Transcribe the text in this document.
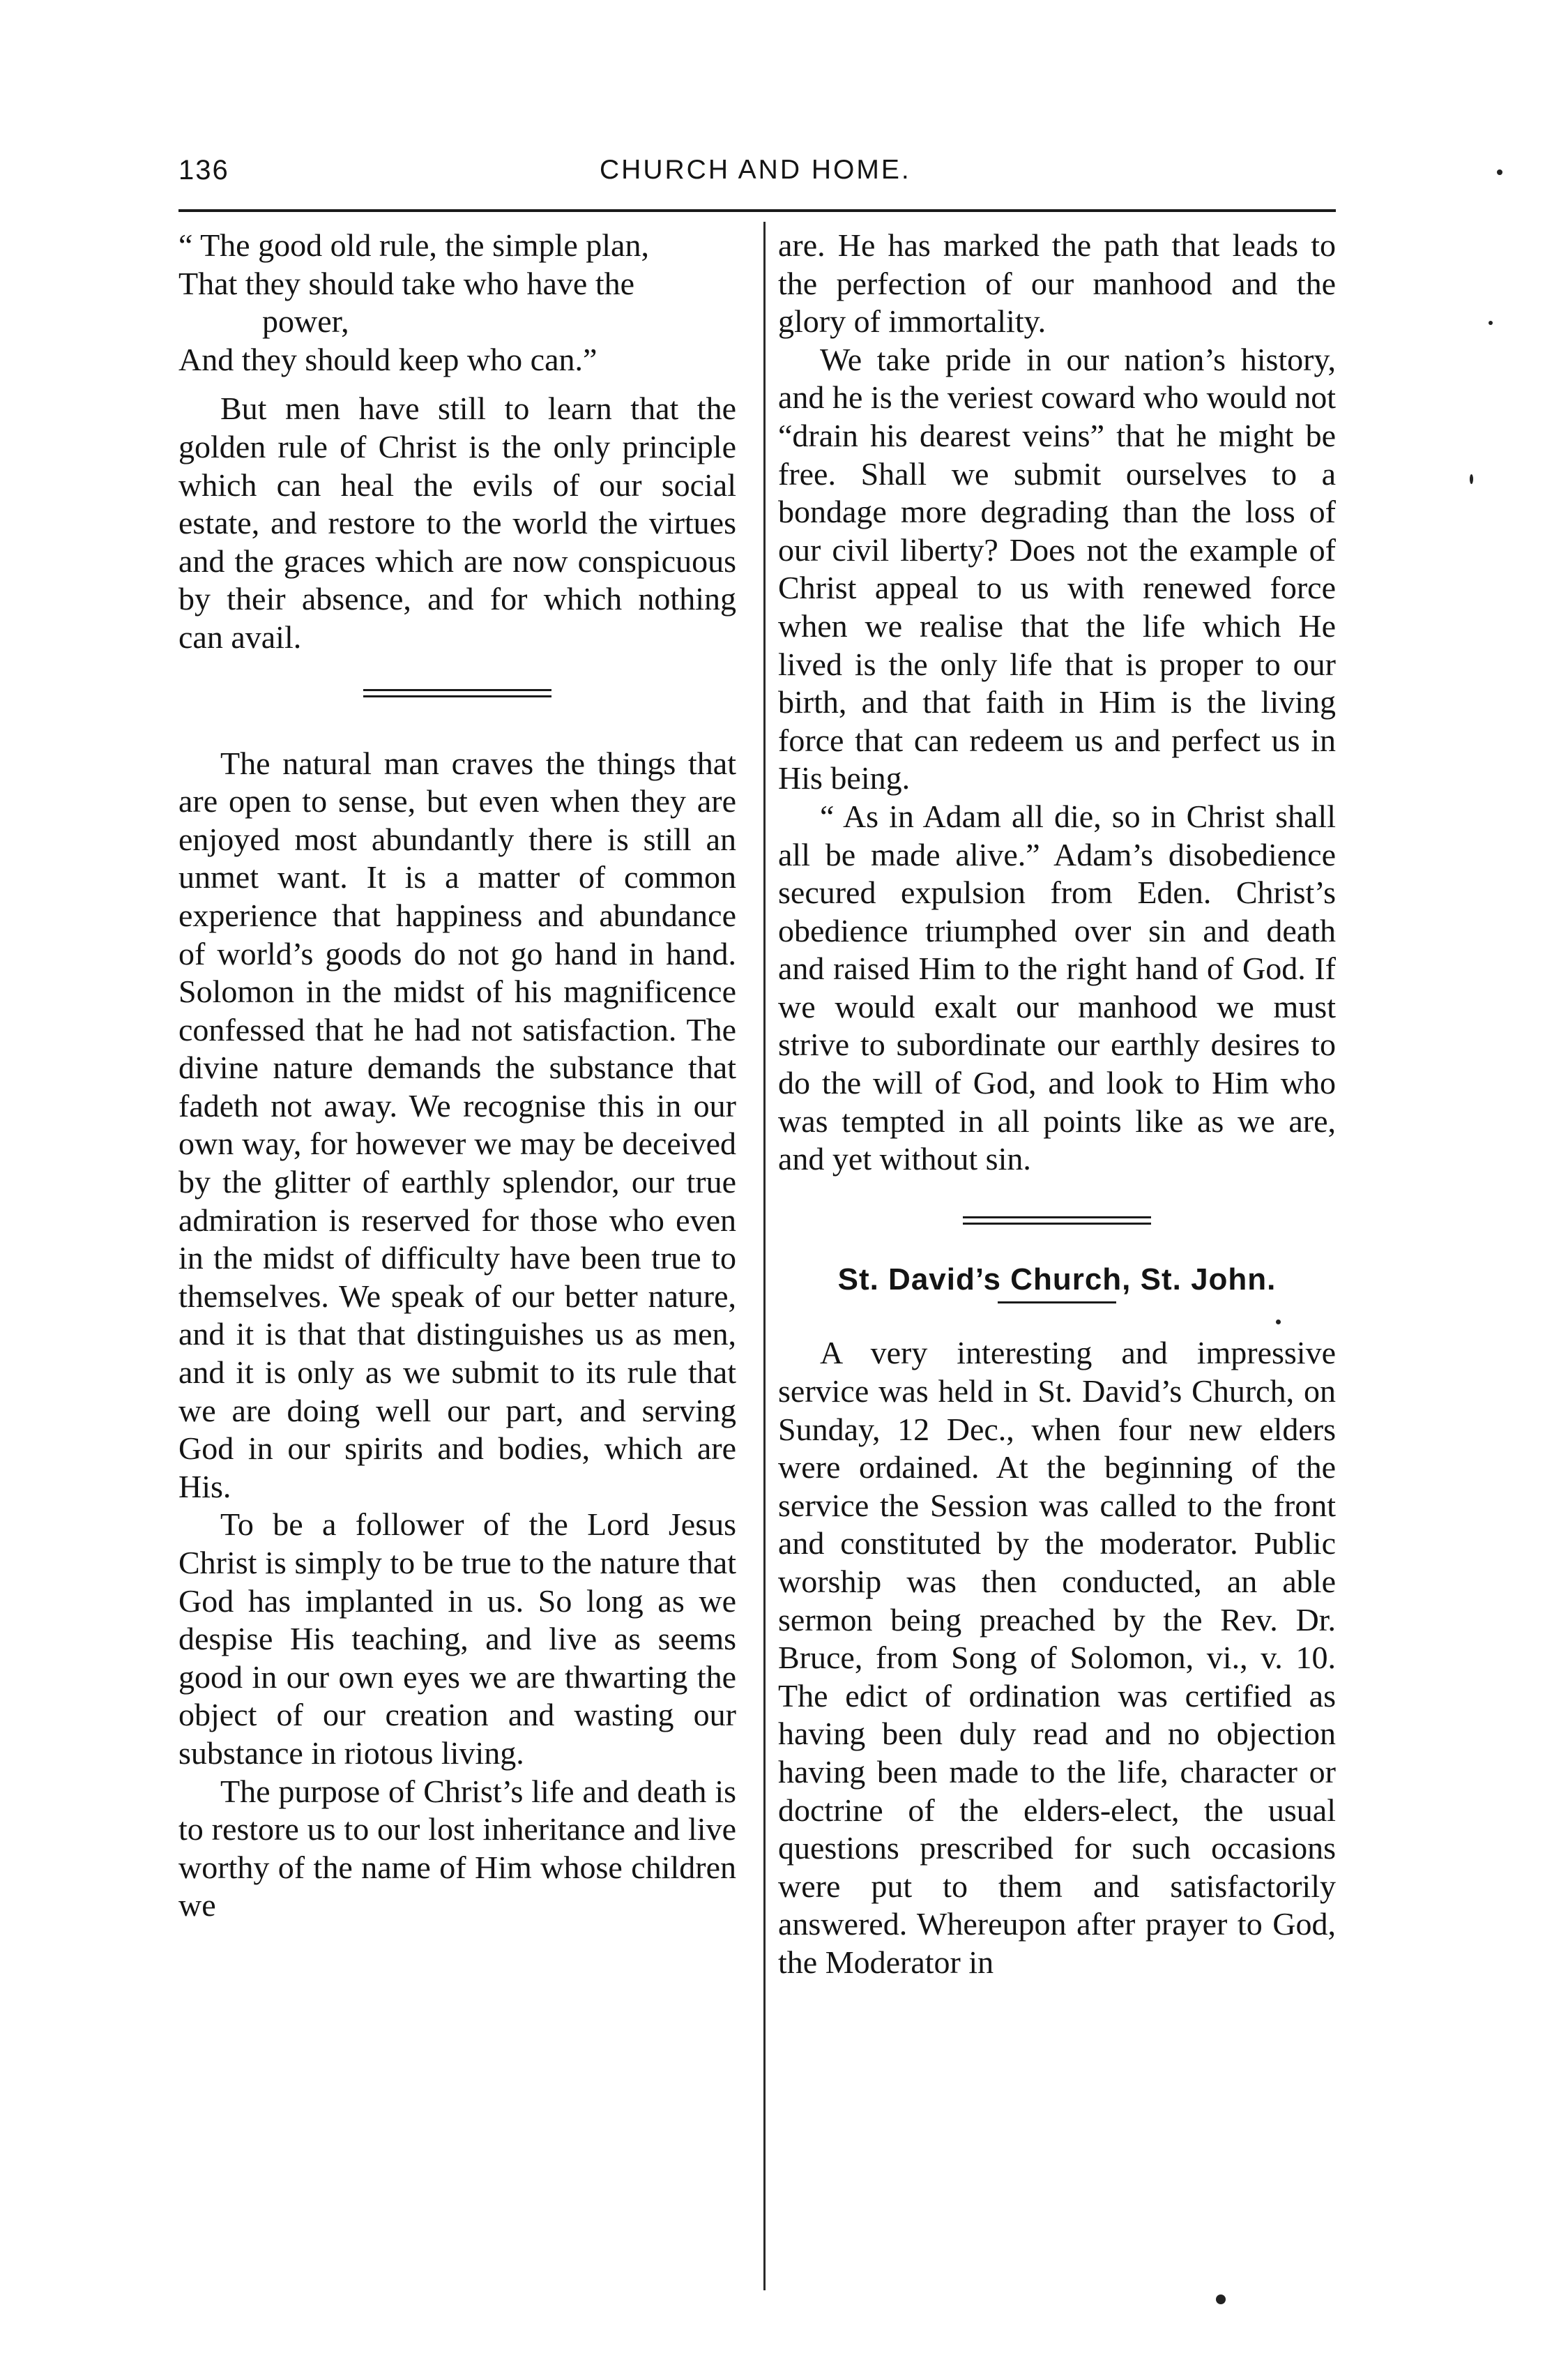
136	CHURCH AND HOME.
“ The good old rule, the simple plan,
That they should take who have the
power,
And they should keep who can.”

But men have still to learn that the golden rule of Christ is the only principle which can heal the evils of our social estate, and restore to the world the virtues and the graces which are now conspicuous by their absence, and for which nothing can avail.

The natural man craves the things that are open to sense, but even when they are enjoyed most abundantly there is still an unmet want. It is a matter of common experience that happiness and abundance of world’s goods do not go hand in hand. Solomon in the midst of his magnificence confessed that he had not satisfaction. The divine nature demands the substance that fadeth not away. We recognise this in our own way, for however we may be deceived by the glitter of earthly splendor, our true admiration is reserved for those who even in the midst of difficulty have been true to themselves. We speak of our better nature, and it is that that distinguishes us as men, and it is only as we submit to its rule that we are doing well our part, and serving God in our spirits and bodies, which are His.

To be a follower of the Lord Jesus Christ is simply to be true to the nature that God has implanted in us. So long as we despise His teaching, and live as seems good in our own eyes we are thwarting the object of our creation and wasting our substance in riotous living.

The purpose of Christ’s life and death is to restore us to our lost inheritance and live worthy of the name of Him whose children we

are. He has marked the path that leads to the perfection of our manhood and the glory of immortality.

We take pride in our nation’s history, and he is the veriest coward who would not “drain his dearest veins” that he might be free. Shall we submit ourselves to a bondage more degrading than the loss of our civil liberty? Does not the example of Christ appeal to us with renewed force when we realise that the life which He lived is the only life that is proper to our birth, and that faith in Him is the living force that can redeem us and perfect us in His being.

“ As in Adam all die, so in Christ shall all be made alive.” Adam’s disobedience secured expulsion from Eden. Christ’s obedience triumphed over sin and death and raised Him to the right hand of God. If we would exalt our manhood we must strive to subordinate our earthly desires to do the will of God, and look to Him who was tempted in all points like as we are, and yet without sin.

St. David’s Church, St. John.

A very interesting and impressive service was held in St. David’s Church, on Sunday, 12 Dec., when four new elders were ordained. At the beginning of the service the Session was called to the front and constituted by the moderator. Public worship was then conducted, an able sermon being preached by the Rev. Dr. Bruce, from Song of Solomon, vi., v. 10. The edict of ordination was certified as having been duly read and no objection having been made to the life, character or doctrine of the elders-elect, the usual questions prescribed for such occasions were put to them and satisfactorily answered. Whereupon after prayer to God, the Moderator in
